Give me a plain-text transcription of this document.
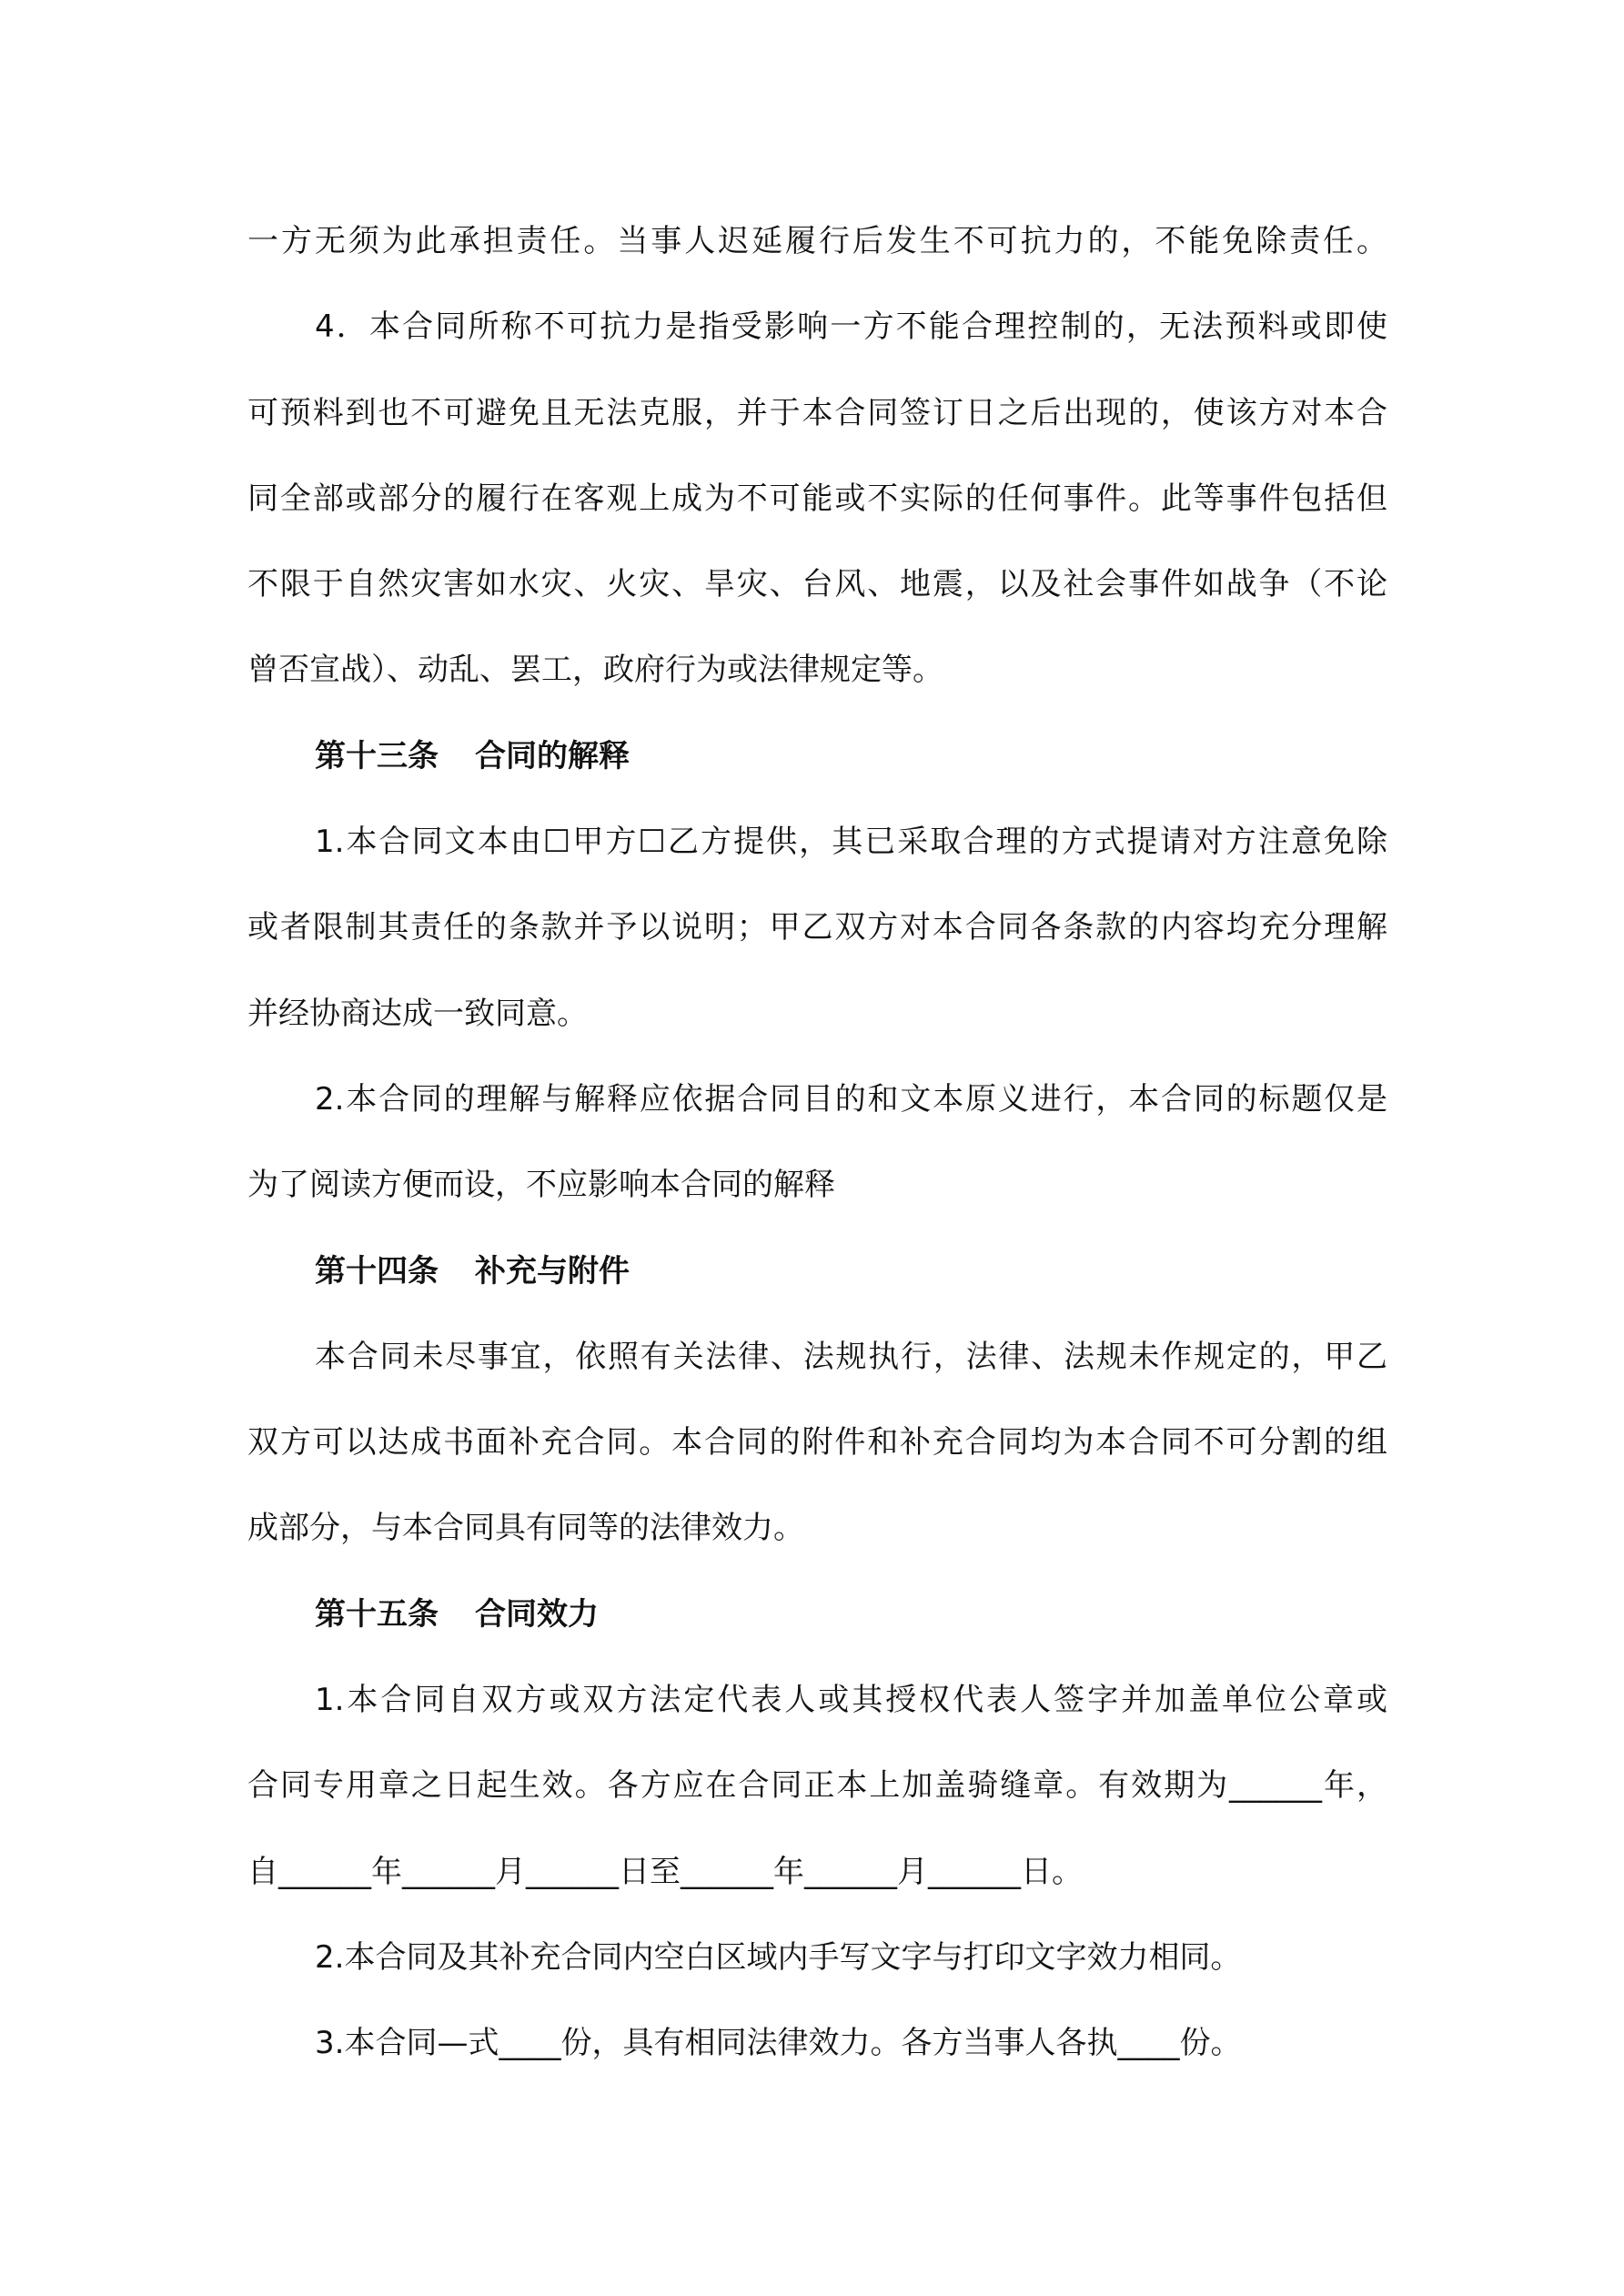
一方无须为此承担责任。当事人迟延履行后发生不可抗力的，不能免除责任。
4．本合同所称不可抗力是指受影响一方不能合理控制的，无法预料或即使
可预料到也不可避免且无法克服，并于本合同签订日之后出现的，使该方对本合
同全部或部分的履行在客观上成为不可能或不实际的任何事件。此等事件包括但
不限于自然灾害如水灾、火灾、旱灾、台风、地震，以及社会事件如战争（不论
曾否宣战）、动乱、罢工，政府行为或法律规定等。
第十三条 合同的解释
1.本合同文本由☐甲方☐乙方提供，其已采取合理的方式提请对方注意免除
或者限制其责任的条款并予以说明；甲乙双方对本合同各条款的内容均充分理解
并经协商达成一致同意。
2.本合同的理解与解释应依据合同目的和文本原义进行，本合同的标题仅是
为了阅读方便而设，不应影响本合同的解释
第十四条 补充与附件
本合同未尽事宜，依照有关法律、法规执行，法律、法规未作规定的，甲乙
双方可以达成书面补充合同。本合同的附件和补充合同均为本合同不可分割的组
成部分，与本合同具有同等的法律效力。
第十五条 合同效力
1.本合同自双方或双方法定代表人或其授权代表人签字并加盖单位公章或
合同专用章之日起生效。各方应在合同正本上加盖骑缝章。有效期为______年，
自______年______月______日至______年______月______日。
2.本合同及其补充合同内空白区域内手写文字与打印文字效力相同。
3.本合同—式____份，具有相同法律效力。各方当事人各执____份。
